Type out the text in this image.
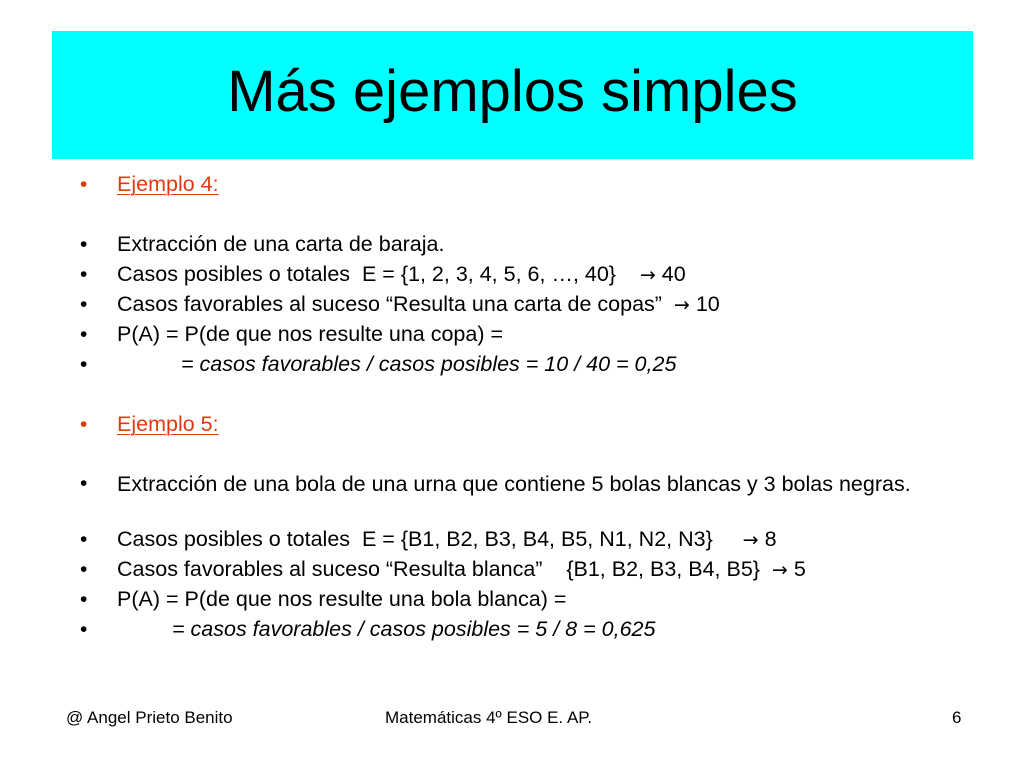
Más ejemplos simples
• Ejemplo 4:
• Extracción de una carta de baraja.
• Casos posibles o totales  E = {1, 2, 3, 4, 5, 6, …, 40}    → 40
• Casos favorables al suceso “Resulta una carta de copas”  → 10
• P(A) = P(de que nos resulte una copa) =
•	= casos favorables / casos posibles = 10 / 40 = 0,25
• Ejemplo 5:
• Extracción de una bola de una urna que contiene 5 bolas blancas y 3 bolas negras.
• Casos posibles o totales  E = {B1, B2, B3, B4, B5, N1, N2, N3}     → 8
• Casos favorables al suceso “Resulta blanca”    {B1, B2, B3, B4, B5}  → 5
• P(A) = P(de que nos resulte una bola blanca) =
•	= casos favorables / casos posibles = 5 / 8 = 0,625
@ Angel Prieto Benito	Matemáticas 4º ESO E. AP.	6
